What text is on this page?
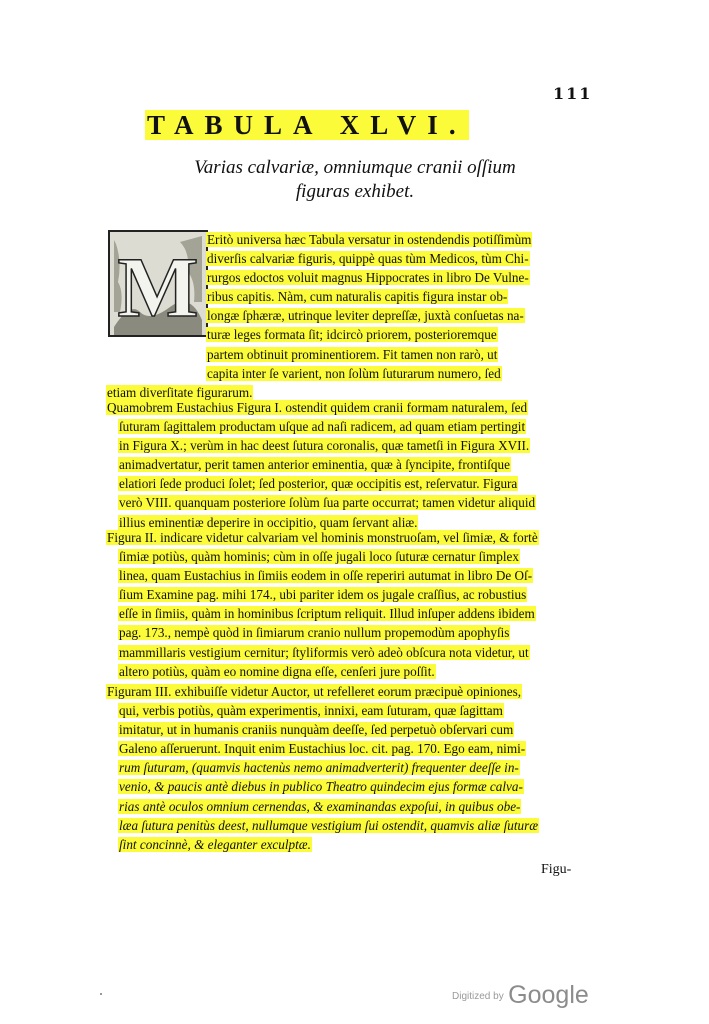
111
TABULA XLVI.
Varias calvariæ, omniumque cranii oſſium
figuras exhibet.
M Eritò universa hæc Tabula versatur in ostendendis potiſſimùm
diverſis calvariæ figuris, quippè quas tùm Medicos, tùm Chi-
rurgos edoctos voluit magnus Hippocrates in libro De Vulne-
ribus capitis. Nàm, cum naturalis capitis figura instar ob-
longæ ſphæræ, utrinque leviter depreſſæ, juxtà conſuetas na-
turæ leges formata ſit; idcircò priorem, posterioremque
partem obtinuit prominentiorem. Fit tamen non rarò, ut
capita inter ſe varient, non ſolùm ſuturarum numero, ſed
etiam diverſitate figurarum.
Quamobrem Eustachius Figura I. ostendit quidem cranii formam naturalem, ſed
ſuturam ſagittalem productam uſque ad naſi radicem, ad quam etiam pertingit
in Figura X.; verùm in hac deest ſutura coronalis, quæ tametſi in Figura XVII.
animadvertatur, perit tamen anterior eminentia, quæ à ſyncipite, frontiſque
elatiori ſede produci ſolet; ſed posterior, quæ occipitis est, reſervatur. Figura
verò VIII. quanquam posteriore ſolùm ſua parte occurrat; tamen videtur aliquid
illius eminentiæ deperire in occipitio, quam ſervant aliæ.
Figura II. indicare videtur calvariam vel hominis monstruoſam, vel ſimiæ, & fortè
ſimiæ potiùs, quàm hominis; cùm in oſſe jugali loco ſuturæ cernatur ſimplex
linea, quam Eustachius in ſimiis eodem in oſſe reperiri autumat in libro De Oſ-
ſium Examine pag. mihi 174., ubi pariter idem os jugale craſſius, ac robustius
eſſe in ſimiis, quàm in hominibus ſcriptum reliquit. Illud inſuper addens ibidem
pag. 173., nempè quòd in ſimiarum cranio nullum propemodùm apophyſis
mammillaris vestigium cernitur; ſtyliformis verò adeò obſcura nota videtur, ut
altero potiùs, quàm eo nomine digna eſſe, cenſeri jure poſſit.
Figuram III. exhibuiſſe videtur Auctor, ut refelleret eorum præcipuè opiniones,
qui, verbis potiùs, quàm experimentis, innixi, eam ſuturam, quæ ſagittam
imitatur, ut in humanis craniis nunquàm deeſſe, ſed perpetuò obſervari cum
Galeno aſſeruerunt. Inquit enim Eustachius loc. cit. pag. 170. Ego eam, nimi-
rum ſuturam, (quamvis hactenùs nemo animadverterit) frequenter deeſſe in-
venio, & paucis antè diebus in publico Theatro quindecim ejus formæ calva-
rias antè oculos omnium cernendas, & examinandas expoſui, in quibus obe-
læa ſutura penitùs deest, nullumque vestigium ſui ostendit, quamvis aliæ ſuturæ
ſint concinnè, & eleganter exculptæ.
Figu-
$^{Digitized by}$ Google
